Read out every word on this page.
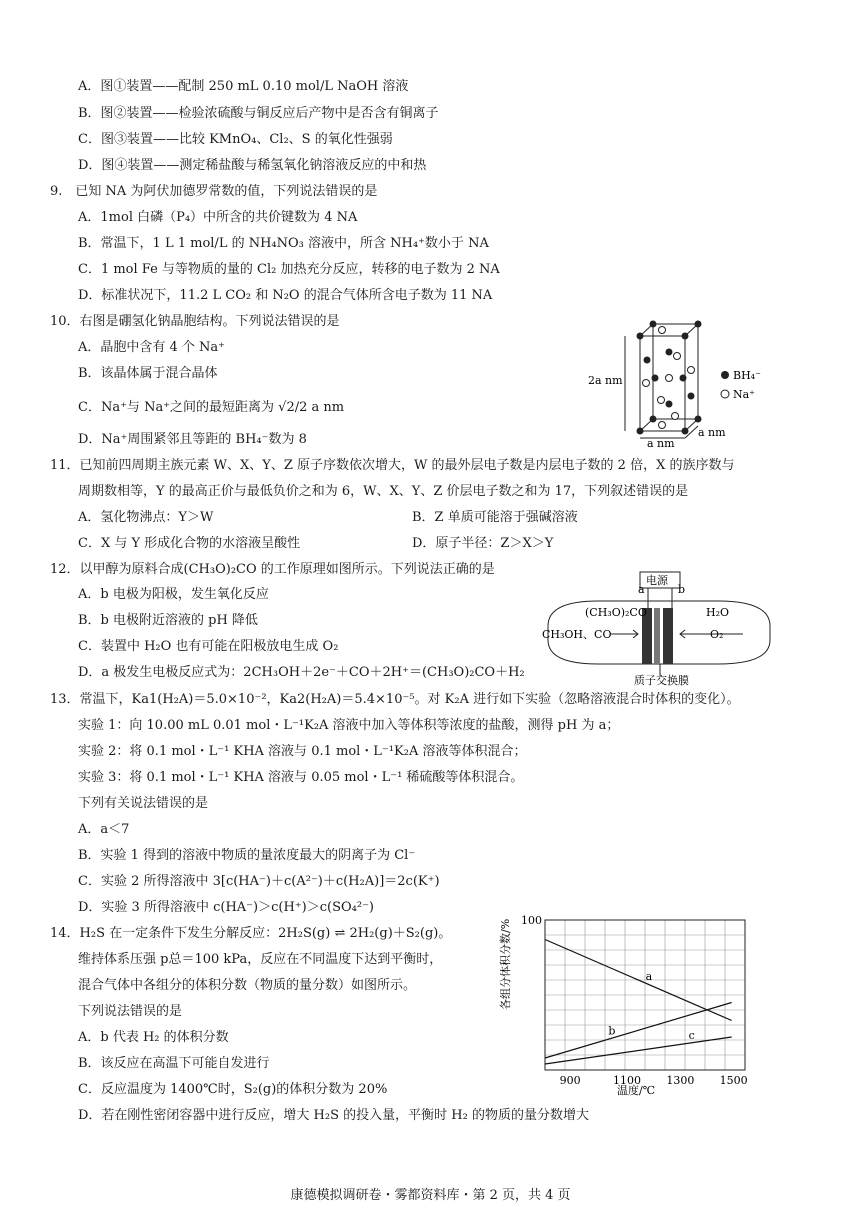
A．图①装置——配制 250 mL 0.10 mol/L NaOH 溶液
B．图②装置——检验浓硫酸与铜反应后产物中是否含有铜离子
C．图③装置——比较 KMnO₄、Cl₂、S 的氧化性强弱
D．图④装置——测定稀盐酸与稀氢氧化钠溶液反应的中和热
9.　已知 NA 为阿伏加德罗常数的值，下列说法错误的是
A．1mol 白磷（P₄）中所含的共价键数为 4 NA
B．常温下，1 L 1 mol/L 的 NH₄NO₃ 溶液中，所含 NH₄⁺数小于 NA
C．1 mol Fe 与等物质的量的 Cl₂ 加热充分反应，转移的电子数为 2 NA
D．标准状况下，11.2 L CO₂ 和 N₂O 的混合气体所含电子数为 11 NA
10．右图是硼氢化钠晶胞结构。下列说法错误的是
A．晶胞中含有 4 个 Na⁺
B．该晶体属于混合晶体
C．Na⁺与 Na⁺之间的最短距离为 √2/2 a nm
D．Na⁺周围紧邻且等距的 BH₄⁻数为 8
2a nm
a nm
a nm
BH₄⁻
Na⁺
11．已知前四周期主族元素 W、X、Y、Z 原子序数依次增大，W 的最外层电子数是内层电子数的 2 倍，X 的族序数与
周期数相等，Y 的最高正价与最低负价之和为 6，W、X、Y、Z 价层电子数之和为 17，下列叙述错误的是
A．氢化物沸点：Y＞W	B．Z 单质可能溶于强碱溶液
C．X 与 Y 形成化合物的水溶液呈酸性	D．原子半径：Z＞X＞Y
12．以甲醇为原料合成(CH₃O)₂CO 的工作原理如图所示。下列说法正确的是
A．b 电极为阳极，发生氧化反应
B．b 电极附近溶液的 pH 降低
C．装置中 H₂O 也有可能在阳极放电生成 O₂
D．a 极发生电极反应式为：2CH₃OH＋2e⁻＋CO＋2H⁺＝(CH₃O)₂CO＋H₂
电源
a	b
(CH₃O)₂CO
CH₃OH、CO
H₂O
O₂
质子交换膜
13．常温下，Ka1(H₂A)＝5.0×10⁻²，Ka2(H₂A)＝5.4×10⁻⁵。对 K₂A 进行如下实验（忽略溶液混合时体积的变化）。
实验 1：向 10.00 mL 0.01 mol・L⁻¹K₂A 溶液中加入等体积等浓度的盐酸，测得 pH 为 a；
实验 2：将 0.1 mol・L⁻¹ KHA 溶液与 0.1 mol・L⁻¹K₂A 溶液等体积混合；
实验 3：将 0.1 mol・L⁻¹ KHA 溶液与 0.05 mol・L⁻¹ 稀硫酸等体积混合。
下列有关说法错误的是
A．a＜7
B．实验 1 得到的溶液中物质的量浓度最大的阴离子为 Cl⁻
C．实验 2 所得溶液中 3[c(HA⁻)＋c(A²⁻)＋c(H₂A)]＝2c(K⁺)
D．实验 3 所得溶液中 c(HA⁻)＞c(H⁺)＞c(SO₄²⁻)
14．H₂S 在一定条件下发生分解反应：2H₂S(g) ⇌ 2H₂(g)＋S₂(g)。
维持体系压强 p总＝100 kPa，反应在不同温度下达到平衡时，
混合气体中各组分的体积分数（物质的量分数）如图所示。
下列说法错误的是
A．b 代表 H₂ 的体积分数
B．该反应在高温下可能自发进行
C．反应温度为 1400℃时，S₂(g)的体积分数为 20%
D．若在刚性密闭容器中进行反应，增大 H₂S 的投入量，平衡时 H₂ 的物质的量分数增大
a
b	c
900	1100 1300 1500
100
温度/℃
各组分体积分数/%
康德模拟调研卷・雾都资料库・第 2 页，共 4 页
